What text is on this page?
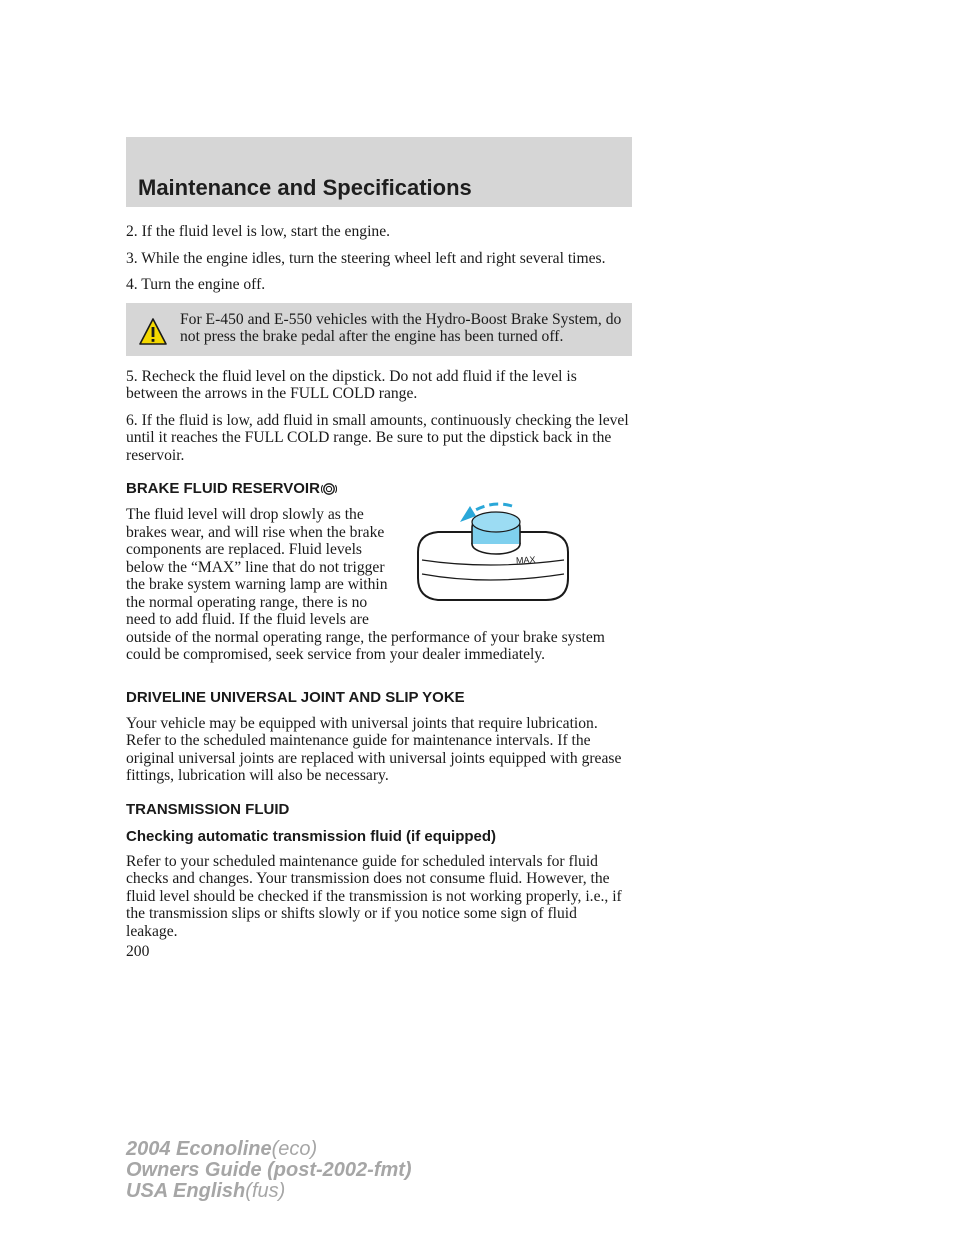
Maintenance and Specifications

2. If the fluid level is low, start the engine.

3. While the engine idles, turn the steering wheel left and right several times.

4. Turn the engine off.

For E-450 and E-550 vehicles with the Hydro-Boost Brake System, do not press the brake pedal after the engine has been turned off.

5. Recheck the fluid level on the dipstick. Do not add fluid if the level is between the arrows in the FULL COLD range.

6. If the fluid is low, add fluid in small amounts, continuously checking the level until it reaches the FULL COLD range. Be sure to put the dipstick back in the reservoir.

BRAKE FLUID RESERVOIR

The fluid level will drop slowly as the brakes wear, and will rise when the brake components are replaced. Fluid levels below the “MAX” line that do not trigger the brake system warning lamp are within the normal operating range, there is no need to add fluid. If the fluid levels are outside of the normal operating range, the performance of your brake system could be compromised, seek service from your dealer immediately.

DRIVELINE UNIVERSAL JOINT AND SLIP YOKE

Your vehicle may be equipped with universal joints that require lubrication. Refer to the scheduled maintenance guide for maintenance intervals. If the original universal joints are replaced with universal joints equipped with grease fittings, lubrication will also be necessary.

TRANSMISSION FLUID
Checking automatic transmission fluid (if equipped)

Refer to your scheduled maintenance guide for scheduled intervals for fluid checks and changes. Your transmission does not consume fluid. However, the fluid level should be checked if the transmission is not working properly, i.e., if the transmission slips or shifts slowly or if you notice some sign of fluid leakage.

MAX
200
2004 Econoline(eco)
Owners Guide (post-2002-fmt)
USA English(fus)
